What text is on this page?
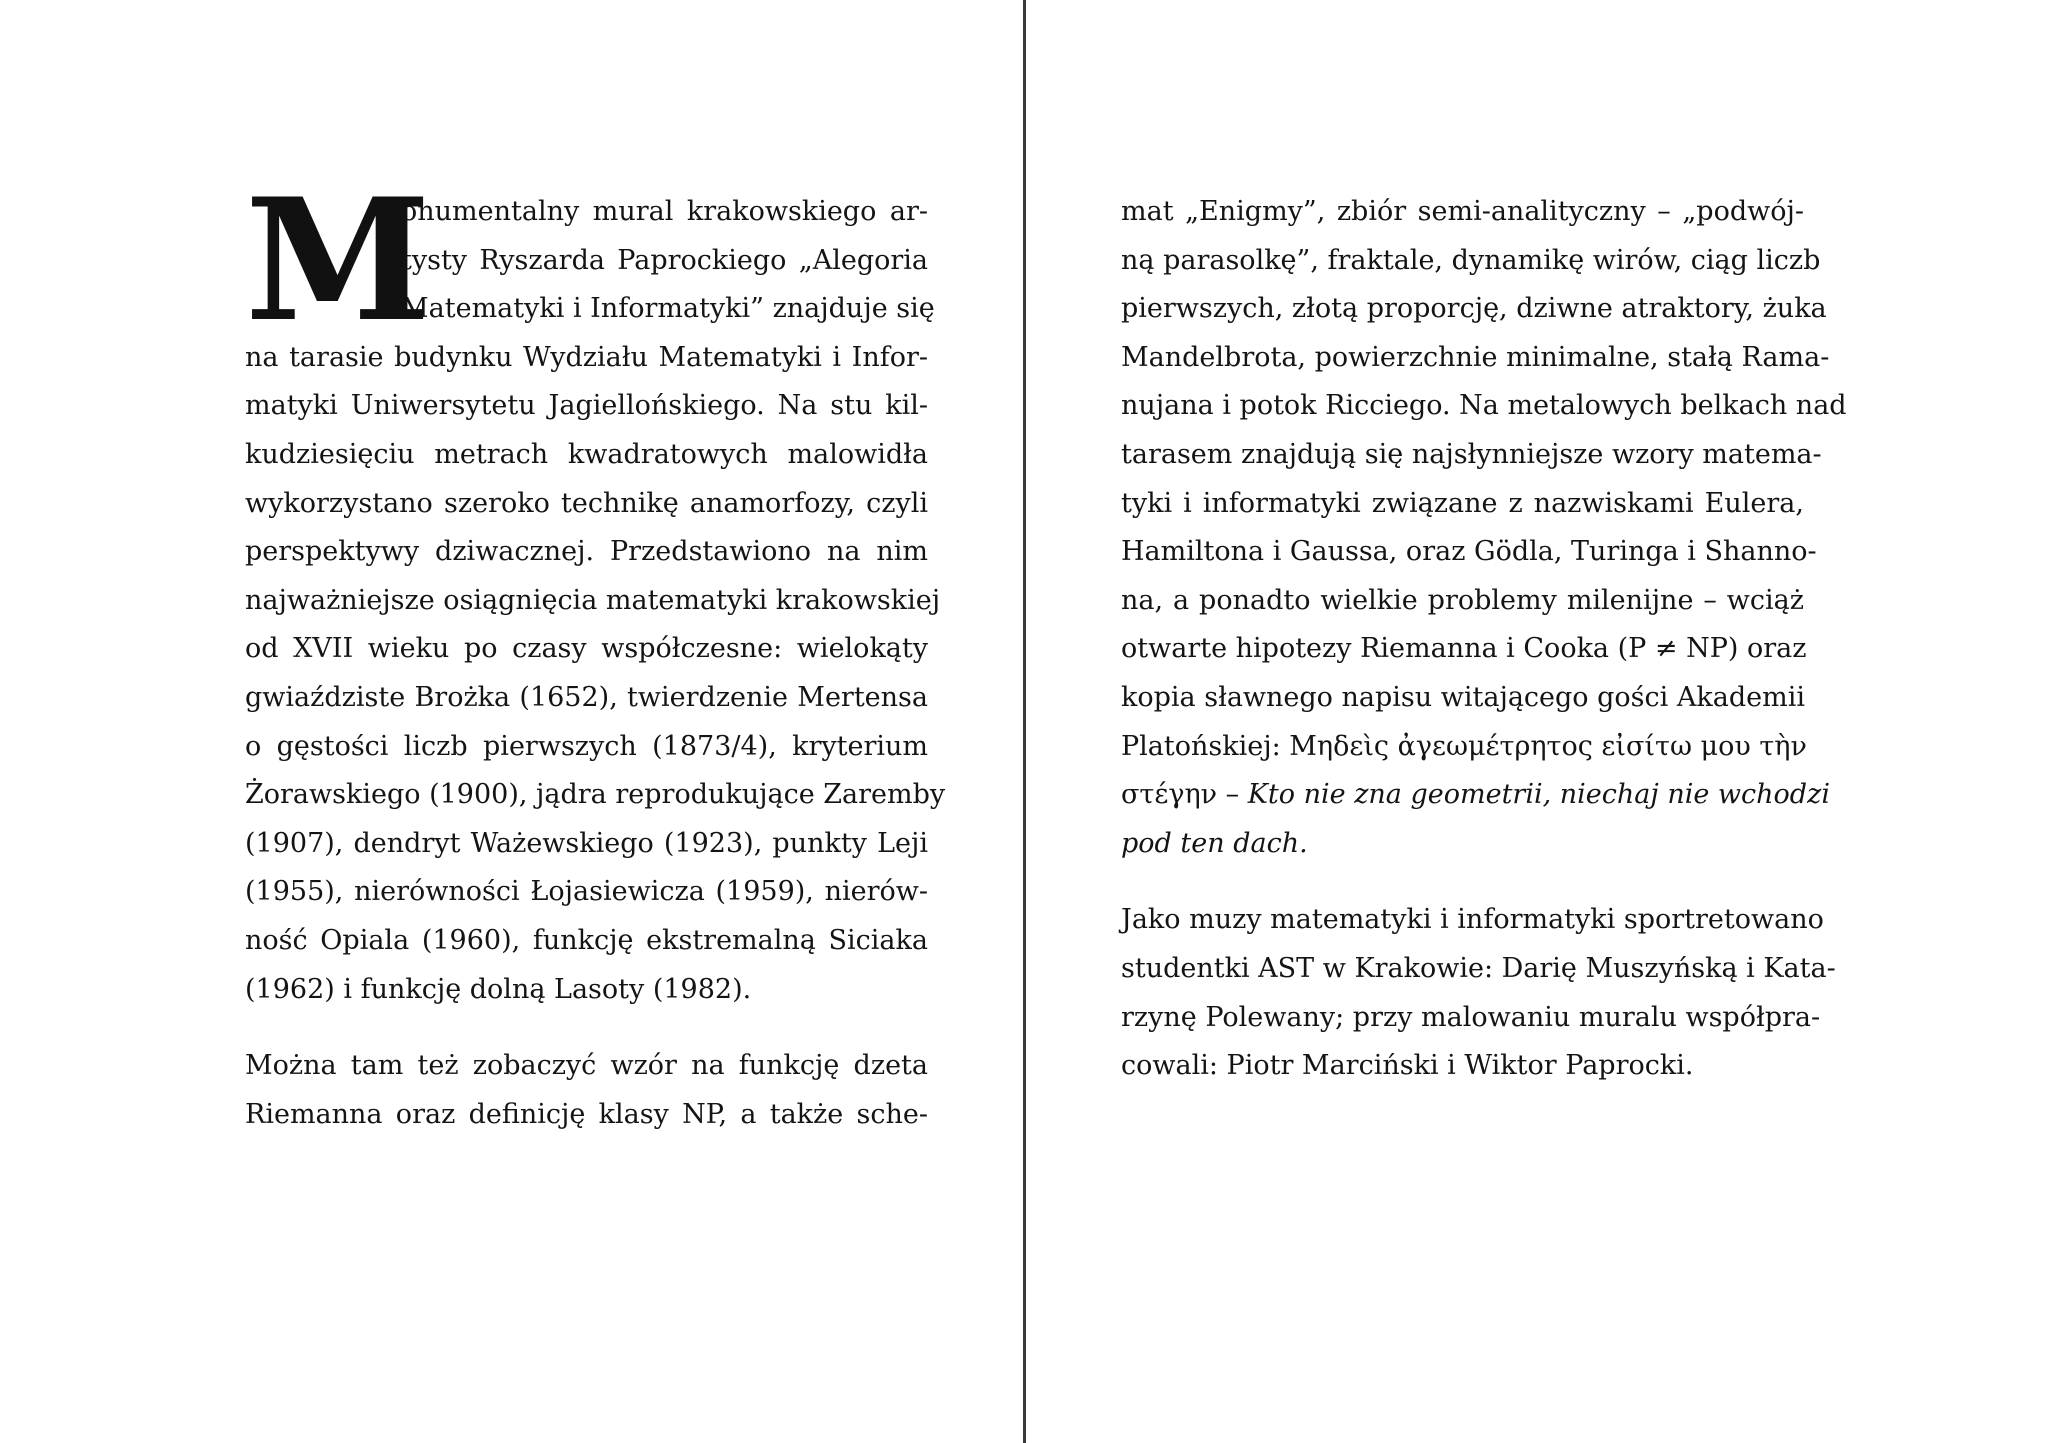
M

onumentalny mural krakowskiego ar-
tysty Ryszarda Paprockiego „Alegoria
Matematyki i Informatyki” znajduje się
na tarasie budynku Wydziału Matematyki i Infor-
matyki Uniwersytetu Jagiellońskiego. Na stu kil-
kudziesięciu metrach kwadratowych malowidła
wykorzystano szeroko technikę anamorfozy, czyli
perspektywy dziwacznej. Przedstawiono na nim
najważniejsze osiągnięcia matematyki krakowskiej
od XVII wieku po czasy współczesne: wielokąty
gwiaździste Brożka (1652), twierdzenie Mertensa
o gęstości liczb pierwszych (1873/4), kryterium
Żorawskiego (1900), jądra reprodukujące Zaremby
(1907), dendryt Ważewskiego (1923), punkty Leji
(1955), nierówności Łojasiewicza (1959), nierów-
ność Opiala (1960), funkcję ekstremalną Siciaka
(1962) i funkcję dolną Lasoty (1982).

Można tam też zobaczyć wzór na funkcję dzeta
Riemanna oraz definicję klasy NP, a także sche-

mat „Enigmy”, zbiór semi-analityczny – „podwój-
ną parasolkę”, fraktale, dynamikę wirów, ciąg liczb
pierwszych, złotą proporcję, dziwne atraktory, żuka
Mandelbrota, powierzchnie minimalne, stałą Rama-
nujana i potok Ricciego. Na metalowych belkach nad
tarasem znajdują się najsłynniejsze wzory matema-
tyki i informatyki związane z nazwiskami Eulera,
Hamiltona i Gaussa, oraz Gödla, Turinga i Shanno-
na, a ponadto wielkie problemy milenijne – wciąż
otwarte hipotezy Riemanna i Cooka (P ≠ NP) oraz
kopia sławnego napisu witającego gości Akademii
Platońskiej: Μηδεὶς ἀγεωμέτρητος εἰσίτω μου τὴν
στέγην – Kto nie zna geometrii, niechaj nie wchodzi
pod ten dach.

Jako muzy matematyki i informatyki sportretowano
studentki AST w Krakowie: Darię Muszyńską i Kata-
rzynę Polewany; przy malowaniu muralu współpra-
cowali: Piotr Marciński i Wiktor Paprocki.
